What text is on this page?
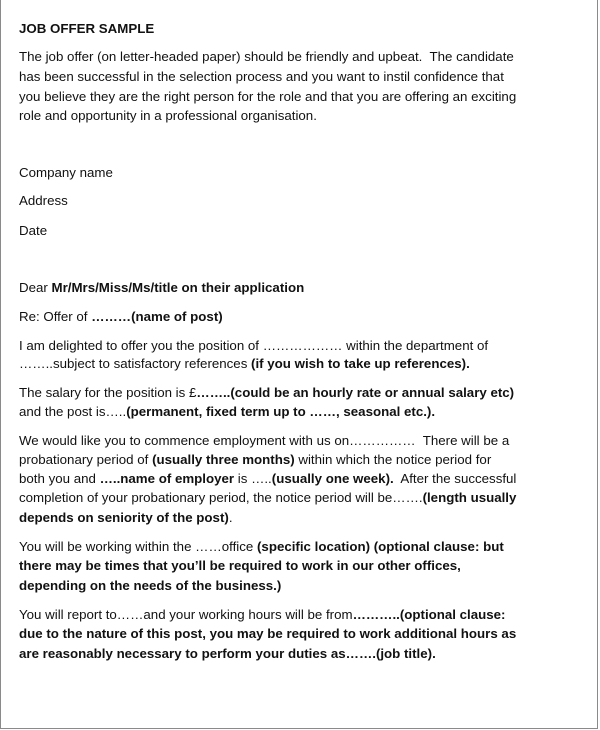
JOB OFFER SAMPLE
The job offer (on letter-headed paper) should be friendly and upbeat.  The candidate
has been successful in the selection process and you want to instil confidence that
you believe they are the right person for the role and that you are offering an exciting
role and opportunity in a professional organisation.
Company name
Address
Date
Dear Mr/Mrs/Miss/Ms/title on their application
Re: Offer of ………(name of post)
I am delighted to offer you the position of ……………… within the department of
……..subject to satisfactory references (if you wish to take up references).
The salary for the position is £……..(could be an hourly rate or annual salary etc)
and the post is…..(permanent, fixed term up to ……, seasonal etc.).
We would like you to commence employment with us on……………  There will be a
probationary period of (usually three months) within which the notice period for
both you and …..name of employer is …..(usually one week).  After the successful
completion of your probationary period, the notice period will be…….(length usually
depends on seniority of the post).
You will be working within the ……office (specific location) (optional clause: but
there may be times that you’ll be required to work in our other offices,
depending on the needs of the business.)
You will report to……and your working hours will be from………..(optional clause:
due to the nature of this post, you may be required to work additional hours as
are reasonably necessary to perform your duties as…….(job title).
